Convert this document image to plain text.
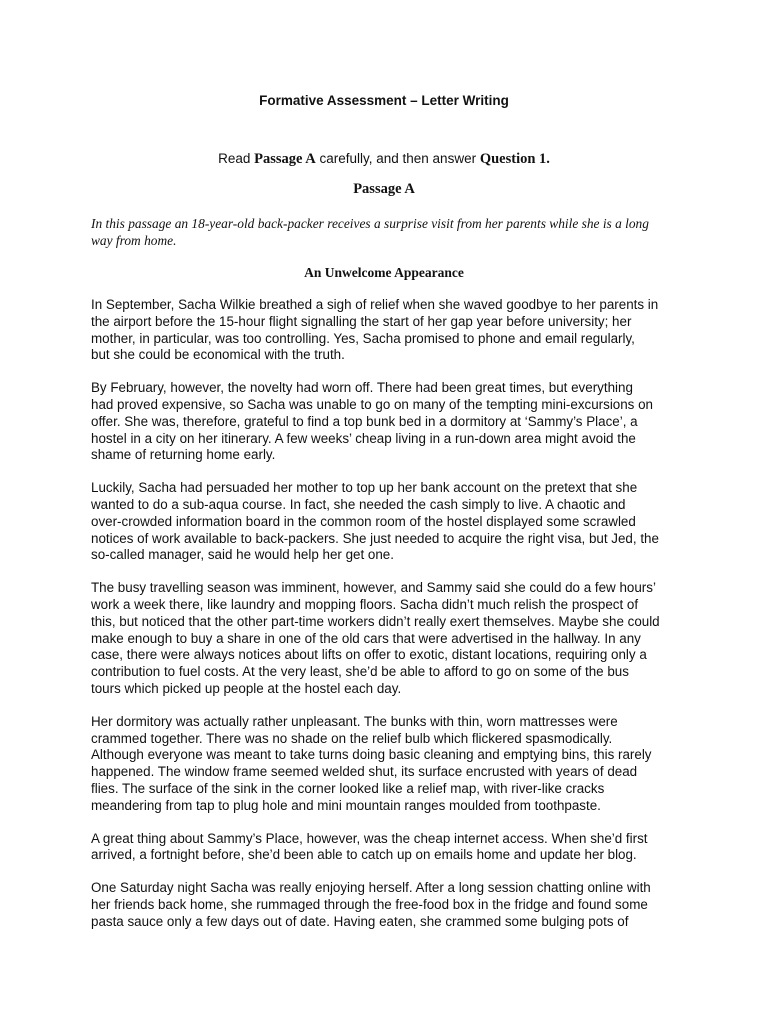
Formative Assessment – Letter Writing
Read Passage A carefully, and then answer Question 1.
Passage A

In this passage an 18-year-old back-packer receives a surprise visit from her parents while she is a long
way from home.

An Unwelcome Appearance

In September, Sacha Wilkie breathed a sigh of relief when she waved goodbye to her parents in
the airport before the 15-hour flight signalling the start of her gap year before university; her
mother, in particular, was too controlling. Yes, Sacha promised to phone and email regularly,
but she could be economical with the truth.

By February, however, the novelty had worn off. There had been great times, but everything
had proved expensive, so Sacha was unable to go on many of the tempting mini-excursions on
offer. She was, therefore, grateful to find a top bunk bed in a dormitory at ‘Sammy’s Place’, a
hostel in a city on her itinerary. A few weeks’ cheap living in a run-down area might avoid the
shame of returning home early.

Luckily, Sacha had persuaded her mother to top up her bank account on the pretext that she
wanted to do a sub-aqua course. In fact, she needed the cash simply to live. A chaotic and
over-crowded information board in the common room of the hostel displayed some scrawled
notices of work available to back-packers. She just needed to acquire the right visa, but Jed, the
so-called manager, said he would help her get one.

The busy travelling season was imminent, however, and Sammy said she could do a few hours’
work a week there, like laundry and mopping floors. Sacha didn’t much relish the prospect of
this, but noticed that the other part-time workers didn’t really exert themselves. Maybe she could
make enough to buy a share in one of the old cars that were advertised in the hallway. In any
case, there were always notices about lifts on offer to exotic, distant locations, requiring only a
contribution to fuel costs. At the very least, she’d be able to afford to go on some of the bus
tours which picked up people at the hostel each day.

Her dormitory was actually rather unpleasant. The bunks with thin, worn mattresses were
crammed together. There was no shade on the relief bulb which flickered spasmodically.
Although everyone was meant to take turns doing basic cleaning and emptying bins, this rarely
happened. The window frame seemed welded shut, its surface encrusted with years of dead
flies. The surface of the sink in the corner looked like a relief map, with river-like cracks
meandering from tap to plug hole and mini mountain ranges moulded from toothpaste.

A great thing about Sammy’s Place, however, was the cheap internet access. When she’d first
arrived, a fortnight before, she’d been able to catch up on emails home and update her blog.

One Saturday night Sacha was really enjoying herself. After a long session chatting online with
her friends back home, she rummaged through the free-food box in the fridge and found some
pasta sauce only a few days out of date. Having eaten, she crammed some bulging pots of
